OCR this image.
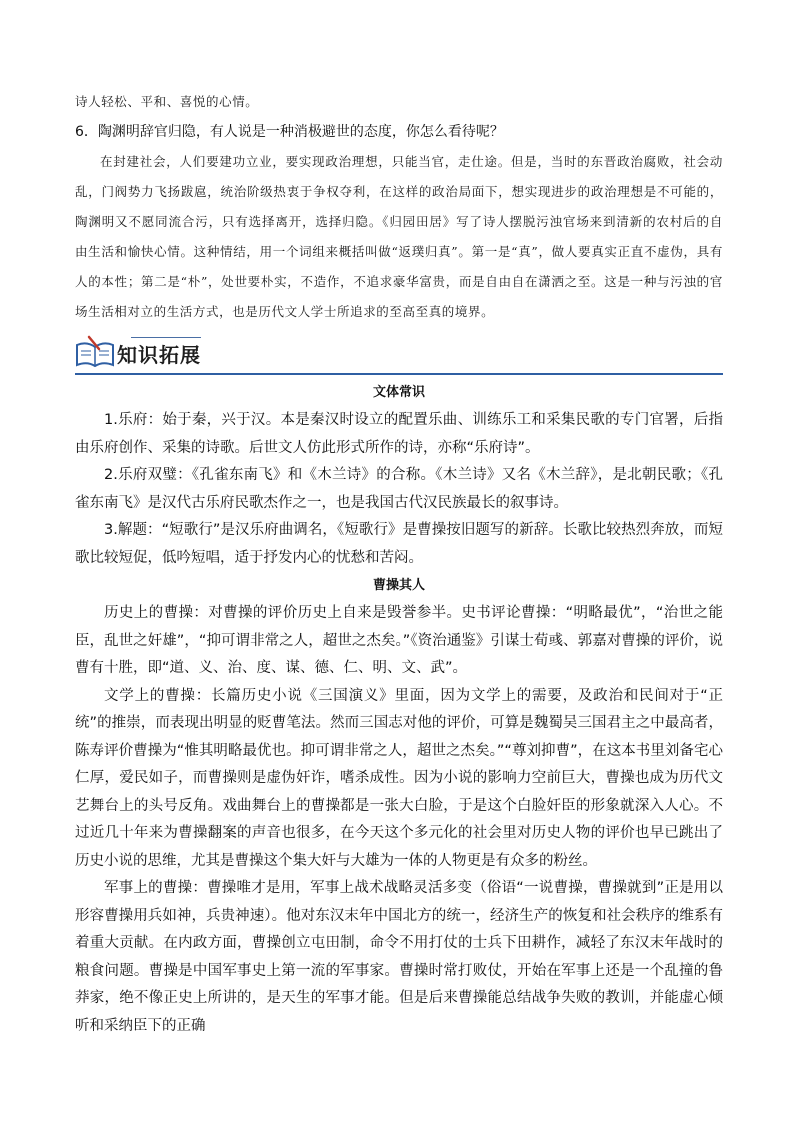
诗人轻松、平和、喜悦的心情。

6．陶渊明辞官归隐，有人说是一种消极避世的态度，你怎么看待呢？

在封建社会，人们要建功立业，要实现政治理想，只能当官，走仕途。但是，当时的东晋政治腐败，社会动乱，门阀势力飞扬跋扈，统治阶级热衷于争权夺利，在这样的政治局面下，想实现进步的政治理想是不可能的，陶渊明又不愿同流合污，只有选择离开，选择归隐。《归园田居》写了诗人摆脱污浊官场来到清新的农村后的自由生活和愉快心情。这种情结，用一个词组来概括叫做“返璞归真”。第一是“真”，做人要真实正直不虚伪，具有人的本性；第二是“朴”，处世要朴实，不造作，不追求豪华富贵，而是自由自在潇洒之至。这是一种与污浊的官场生活相对立的生活方式，也是历代文人学士所追求的至高至真的境界。

知识拓展

文体常识

1.乐府：始于秦，兴于汉。本是秦汉时设立的配置乐曲、训练乐工和采集民歌的专门官署，后指由乐府创作、采集的诗歌。后世文人仿此形式所作的诗，亦称“乐府诗”。

2.乐府双璧：《孔雀东南飞》和《木兰诗》的合称。《木兰诗》又名《木兰辞》，是北朝民歌；《孔雀东南飞》是汉代古乐府民歌杰作之一，也是我国古代汉民族最长的叙事诗。

3.解题：“短歌行”是汉乐府曲调名，《短歌行》是曹操按旧题写的新辞。长歌比较热烈奔放，而短歌比较短促，低吟短唱，适于抒发内心的忧愁和苦闷。

曹操其人

历史上的曹操：对曹操的评价历史上自来是毁誉参半。史书评论曹操：“明略最优”，“治世之能臣，乱世之奸雄”，“抑可谓非常之人，超世之杰矣。”《资治通鉴》引谋士荀彧、郭嘉对曹操的评价，说曹有十胜，即“道、义、治、度、谋、德、仁、明、文、武”。

文学上的曹操：长篇历史小说《三国演义》里面，因为文学上的需要，及政治和民间对于“正统”的推崇，而表现出明显的贬曹笔法。然而三国志对他的评价，可算是魏蜀吴三国君主之中最高者，陈寿评价曹操为“惟其明略最优也。抑可谓非常之人，超世之杰矣。”“尊刘抑曹”，在这本书里刘备宅心仁厚，爱民如子，而曹操则是虚伪奸诈，嗜杀成性。因为小说的影响力空前巨大，曹操也成为历代文艺舞台上的头号反角。戏曲舞台上的曹操都是一张大白脸，于是这个白脸奸臣的形象就深入人心。不过近几十年来为曹操翻案的声音也很多，在今天这个多元化的社会里对历史人物的评价也早已跳出了历史小说的思维，尤其是曹操这个集大奸与大雄为一体的人物更是有众多的粉丝。

军事上的曹操：曹操唯才是用，军事上战术战略灵活多变（俗语“一说曹操，曹操就到”正是用以形容曹操用兵如神，兵贵神速）。他对东汉末年中国北方的统一，经济生产的恢复和社会秩序的维系有着重大贡献。在内政方面，曹操创立屯田制，命令不用打仗的士兵下田耕作，减轻了东汉末年战时的粮食问题。曹操是中国军事史上第一流的军事家。曹操时常打败仗，开始在军事上还是一个乱撞的鲁莽家，绝不像正史上所讲的，是天生的军事才能。但是后来曹操能总结战争失败的教训，并能虚心倾听和采纳臣下的正确
